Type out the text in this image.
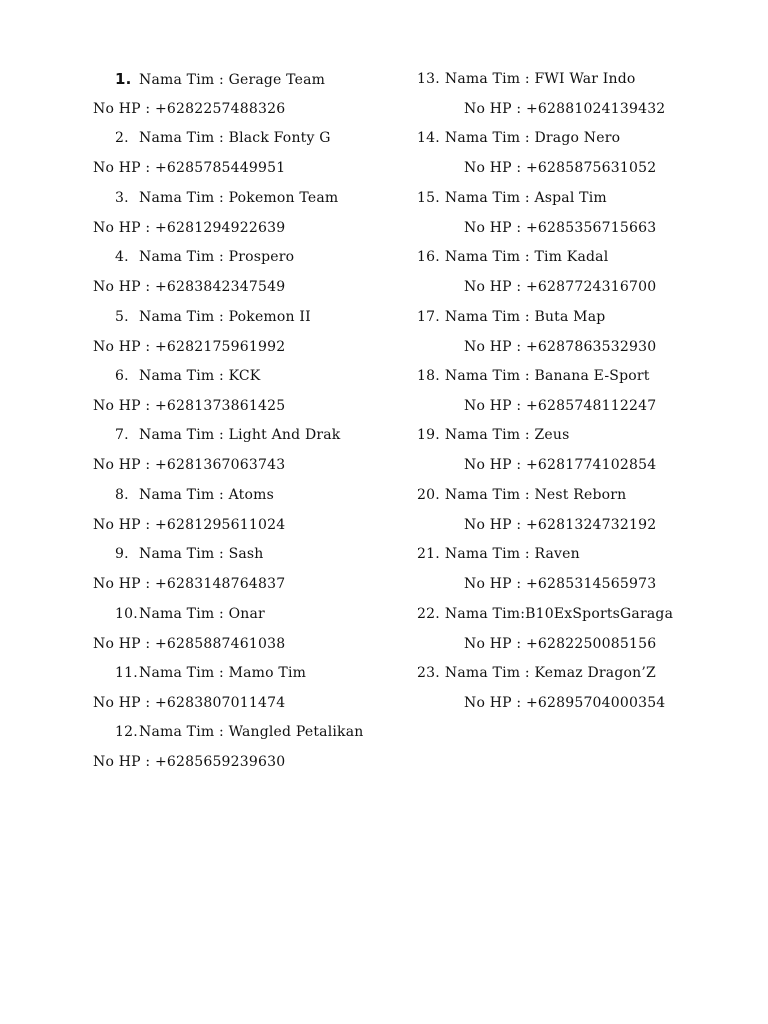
1. Nama Tim : Gerage Team
No HP : +6282257488326
2. Nama Tim : Black Fonty G
No HP : +6285785449951
3. Nama Tim : Pokemon Team
No HP : +6281294922639
4. Nama Tim : Prospero
No HP : +6283842347549
5. Nama Tim : Pokemon II
No HP : +6282175961992
6. Nama Tim : KCK
No HP : +6281373861425
7. Nama Tim : Light And Drak
No HP : +6281367063743
8. Nama Tim : Atoms
No HP : +6281295611024
9. Nama Tim : Sash
No HP : +6283148764837
10.Nama Tim : Onar
No HP : +6285887461038
11.Nama Tim : Mamo Tim
No HP : +6283807011474
12.Nama Tim : Wangled Petalikan
No HP : +6285659239630
13. Nama Tim : FWI War Indo
No HP : +62881024139432
14. Nama Tim : Drago Nero
No HP : +6285875631052
15. Nama Tim : Aspal Tim
No HP : +6285356715663
16. Nama Tim : Tim Kadal
No HP : +6287724316700
17. Nama Tim : Buta Map
No HP : +6287863532930
18. Nama Tim : Banana E-Sport
No HP : +6285748112247
19. Nama Tim : Zeus
No HP : +6281774102854
20. Nama Tim : Nest Reborn
No HP : +6281324732192
21. Nama Tim : Raven
No HP : +6285314565973
22. Nama Tim:B10ExSportsGaraga
No HP : +6282250085156
23. Nama Tim : Kemaz Dragon’Z
No HP : +62895704000354
